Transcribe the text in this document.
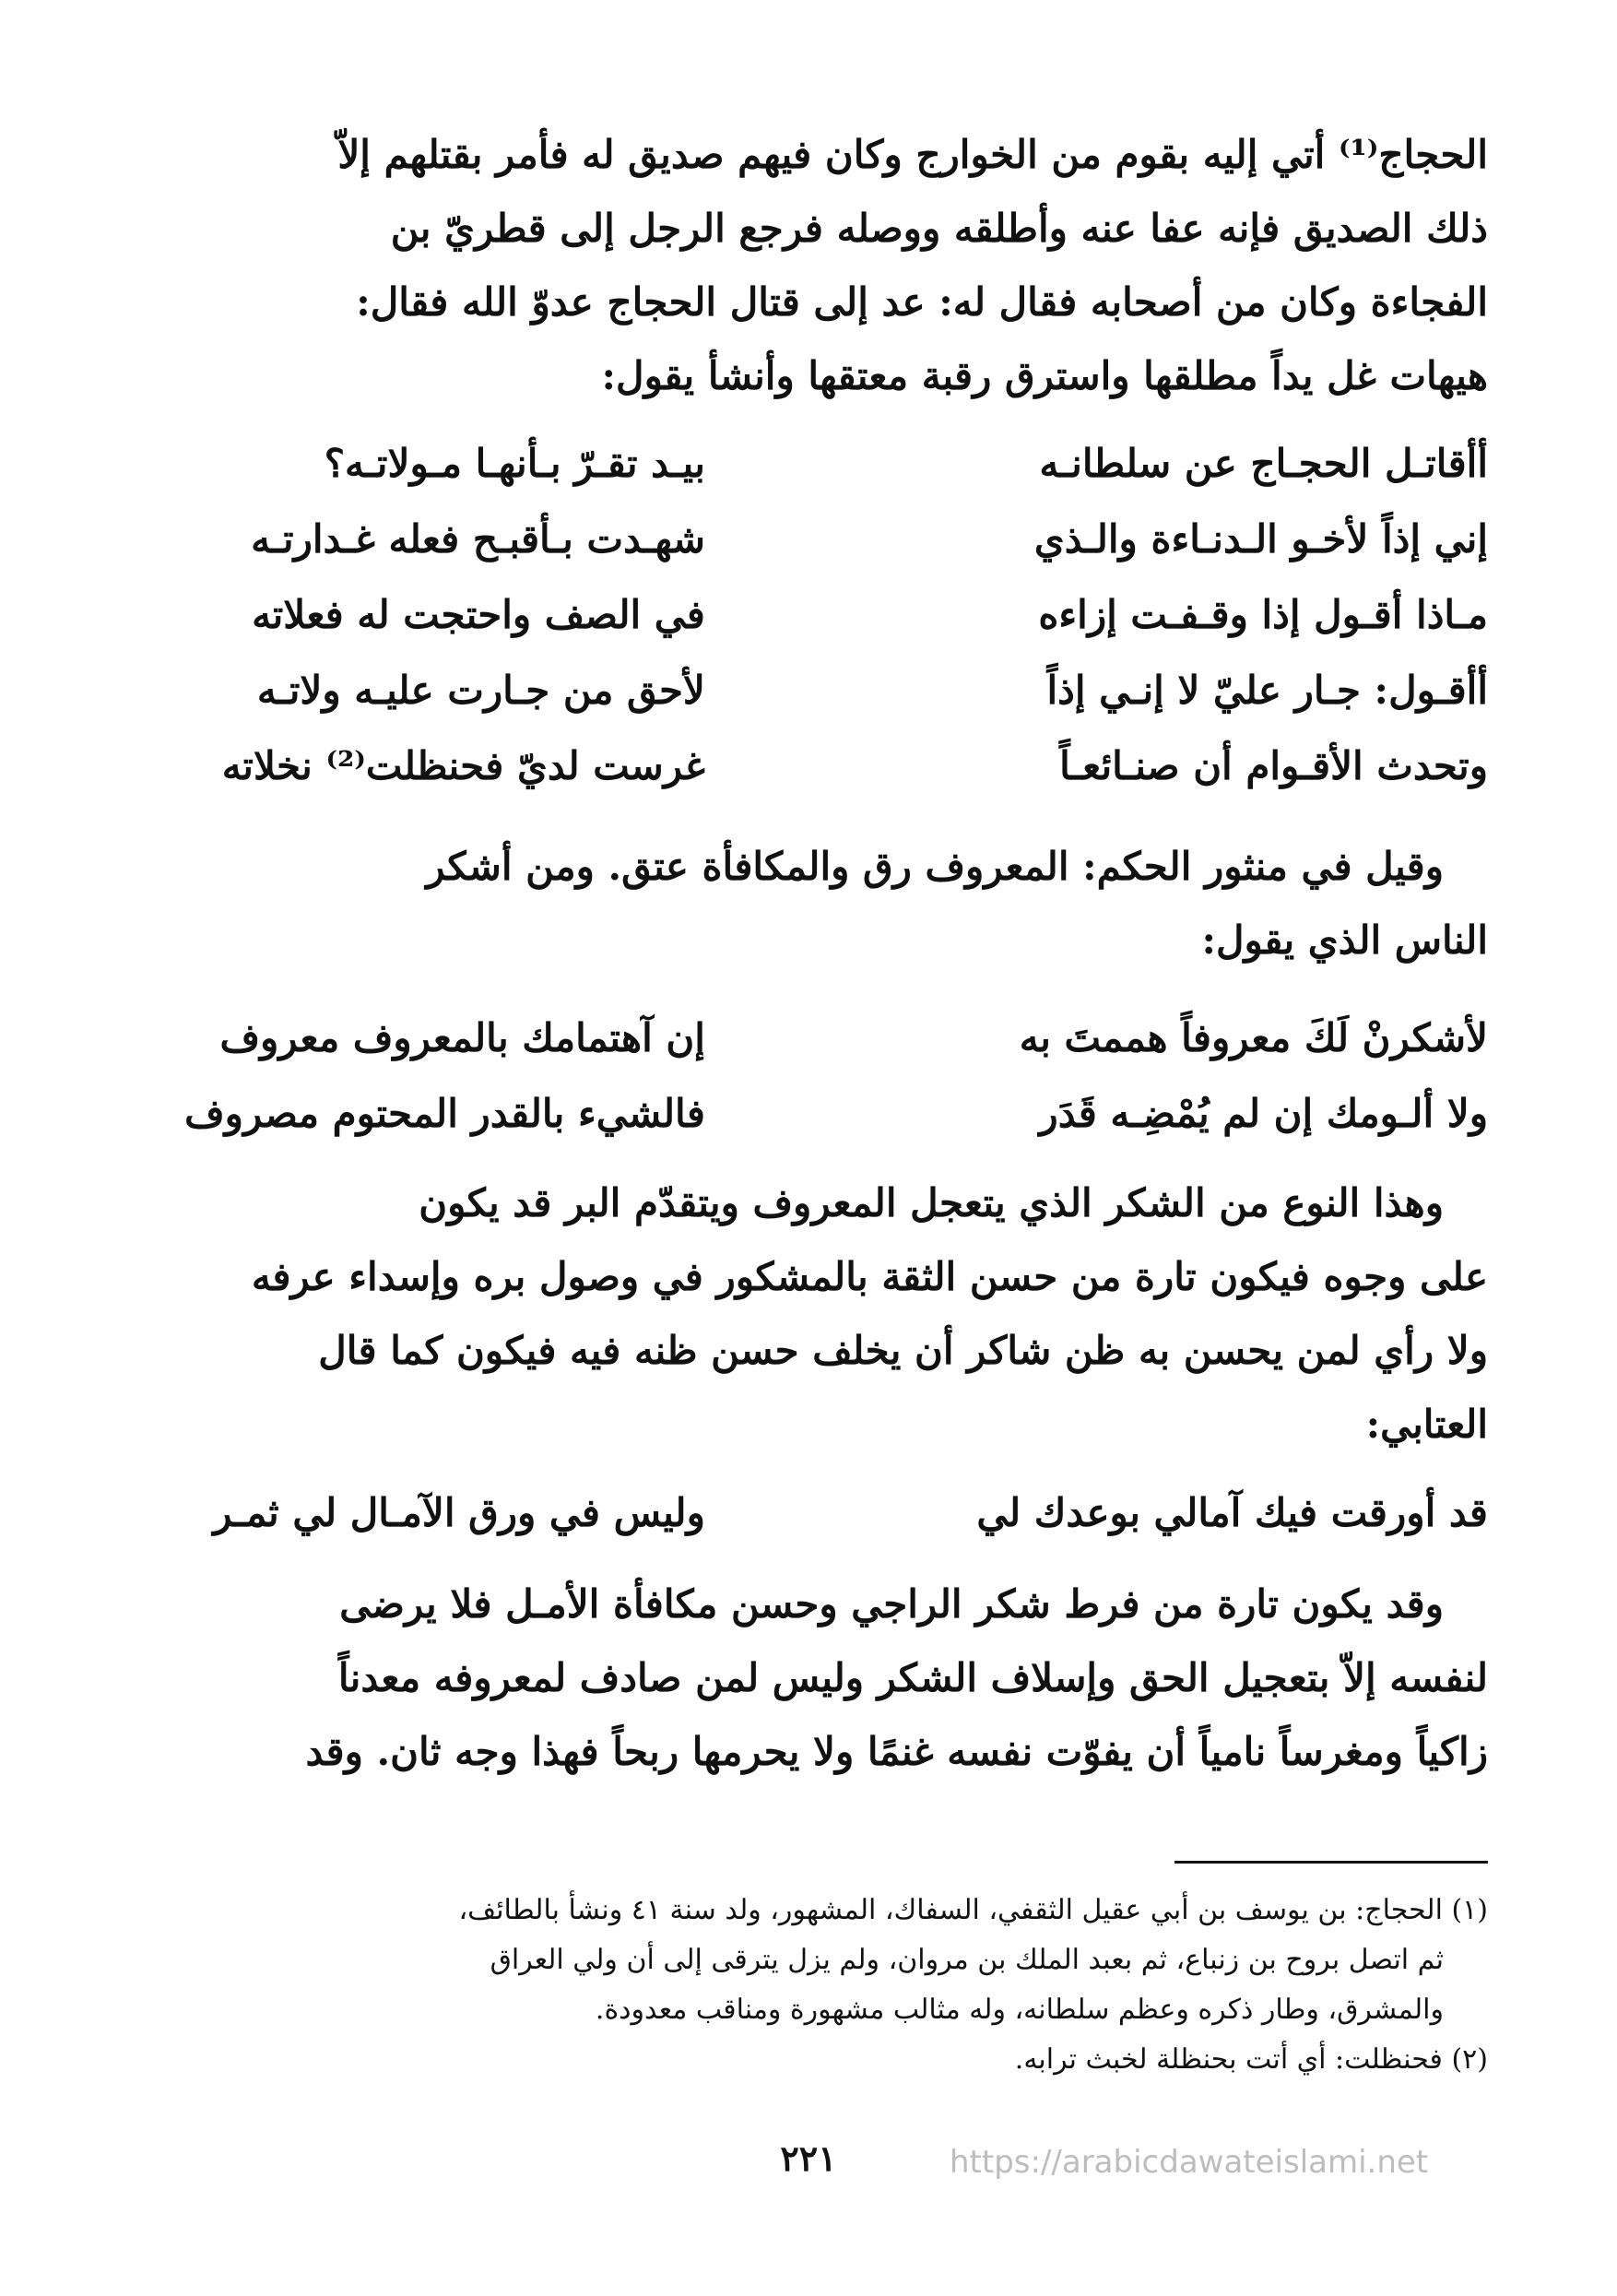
الحجاج⁽¹⁾ أتي إليه بقوم من الخوارج وكان فيهم صديق له فأمر بقتلهم إلاّ
ذلك الصديق فإنه عفا عنه وأطلقه ووصله فرجع الرجل إلى قطريّ بن
الفجاءة وكان من أصحابه فقال له: عد إلى قتال الحجاج عدوّ الله فقال:
هيهات غل يداً مطلقها واسترق رقبة معتقها وأنشأ يقول:
أأقاتـل الحجـاج عن سلطانـه
بيـد تقـرّ بـأنهـا مـولاتـه؟
إني إذاً لأخـو الـدنـاءة والـذي
شهـدت بـأقبـح فعله غـدارتـه
مـاذا أقـول إذا وقـفـت إزاءه
في الصف واحتجت له فعلاته
أأقـول: جـار عليّ لا إنـي إذاً
لأحق من جـارت عليـه ولاتـه
وتحدث الأقـوام أن صنـائعـاً
غرست لديّ فحنظلت⁽²⁾ نخلاته
وقيل في منثور الحكم: المعروف رق والمكافأة عتق. ومن أشكر
الناس الذي يقول:
لأشكرنْ لَكَ معروفاً هممتَ به
إن آهتمامك بالمعروف معروف
ولا ألـومك إن لم يُمْضِـه قَدَر
فالشيء بالقدر المحتوم مصروف
وهذا النوع من الشكر الذي يتعجل المعروف ويتقدّم البر قد يكون
على وجوه فيكون تارة من حسن الثقة بالمشكور في وصول بره وإسداء عرفه
ولا رأي لمن يحسن به ظن شاكر أن يخلف حسن ظنه فيه فيكون كما قال
العتابي:
قد أورقت فيك آمالي بوعدك لي
وليس في ورق الآمـال لي ثمـر
وقد يكون تارة من فرط شكر الراجي وحسن مكافأة الأمـل فلا يرضى
لنفسه إلاّ بتعجيل الحق وإسلاف الشكر وليس لمن صادف لمعروفه معدناً
زاكياً ومغرساً نامياً أن يفوّت نفسه غنمًا ولا يحرمها ربحاً فهذا وجه ثان. وقد
(١) الحجاج: بن يوسف بن أبي عقيل الثقفي، السفاك، المشهور، ولد سنة ٤١ ونشأ بالطائف،
ثم اتصل بروح بن زنباع، ثم بعبد الملك بن مروان، ولم يزل يترقى إلى أن ولي العراق
والمشرق، وطار ذكره وعظم سلطانه، وله مثالب مشهورة ومناقب معدودة.
(٢) فحنظلت: أي أتت بحنظلة لخبث ترابه.
٢٢١	https://arabicdawateislami.net
